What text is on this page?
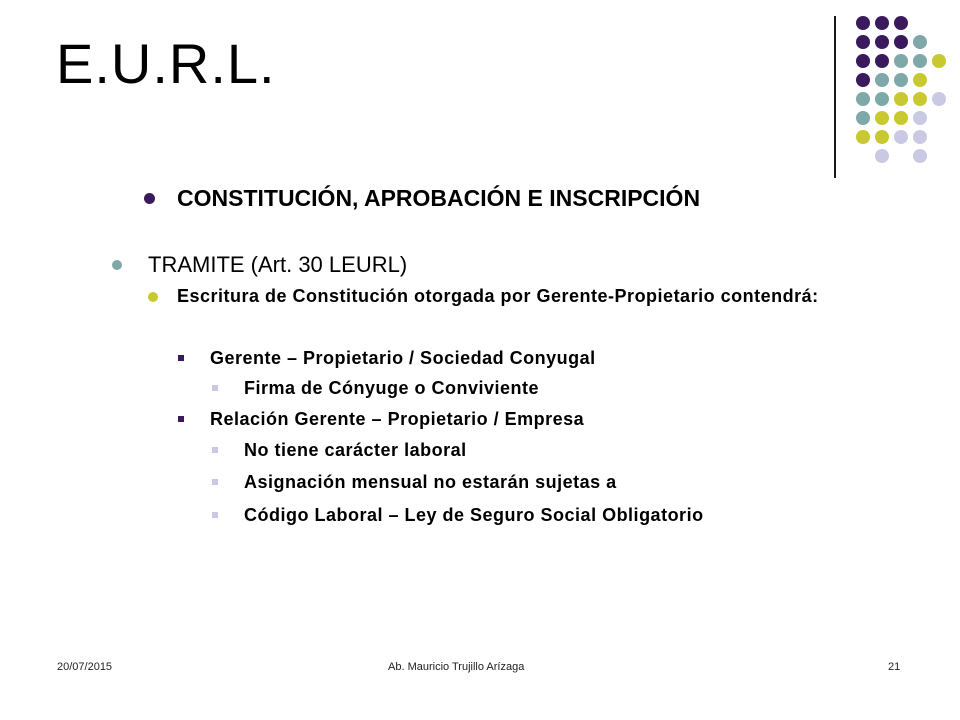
E.U.R.L.
CONSTITUCIÓN, APROBACIÓN E INSCRIPCIÓN
TRAMITE (Art. 30 LEURL)
Escritura de Constitución otorgada por Gerente-Propietario contendrá:
Gerente – Propietario / Sociedad Conyugal
Firma de Cónyuge o Conviviente
Relación Gerente – Propietario / Empresa
No tiene carácter laboral
Asignación mensual no estarán sujetas a
Código Laboral – Ley de Seguro Social Obligatorio
20/07/2015	Ab. Mauricio Trujillo Arízaga	21
